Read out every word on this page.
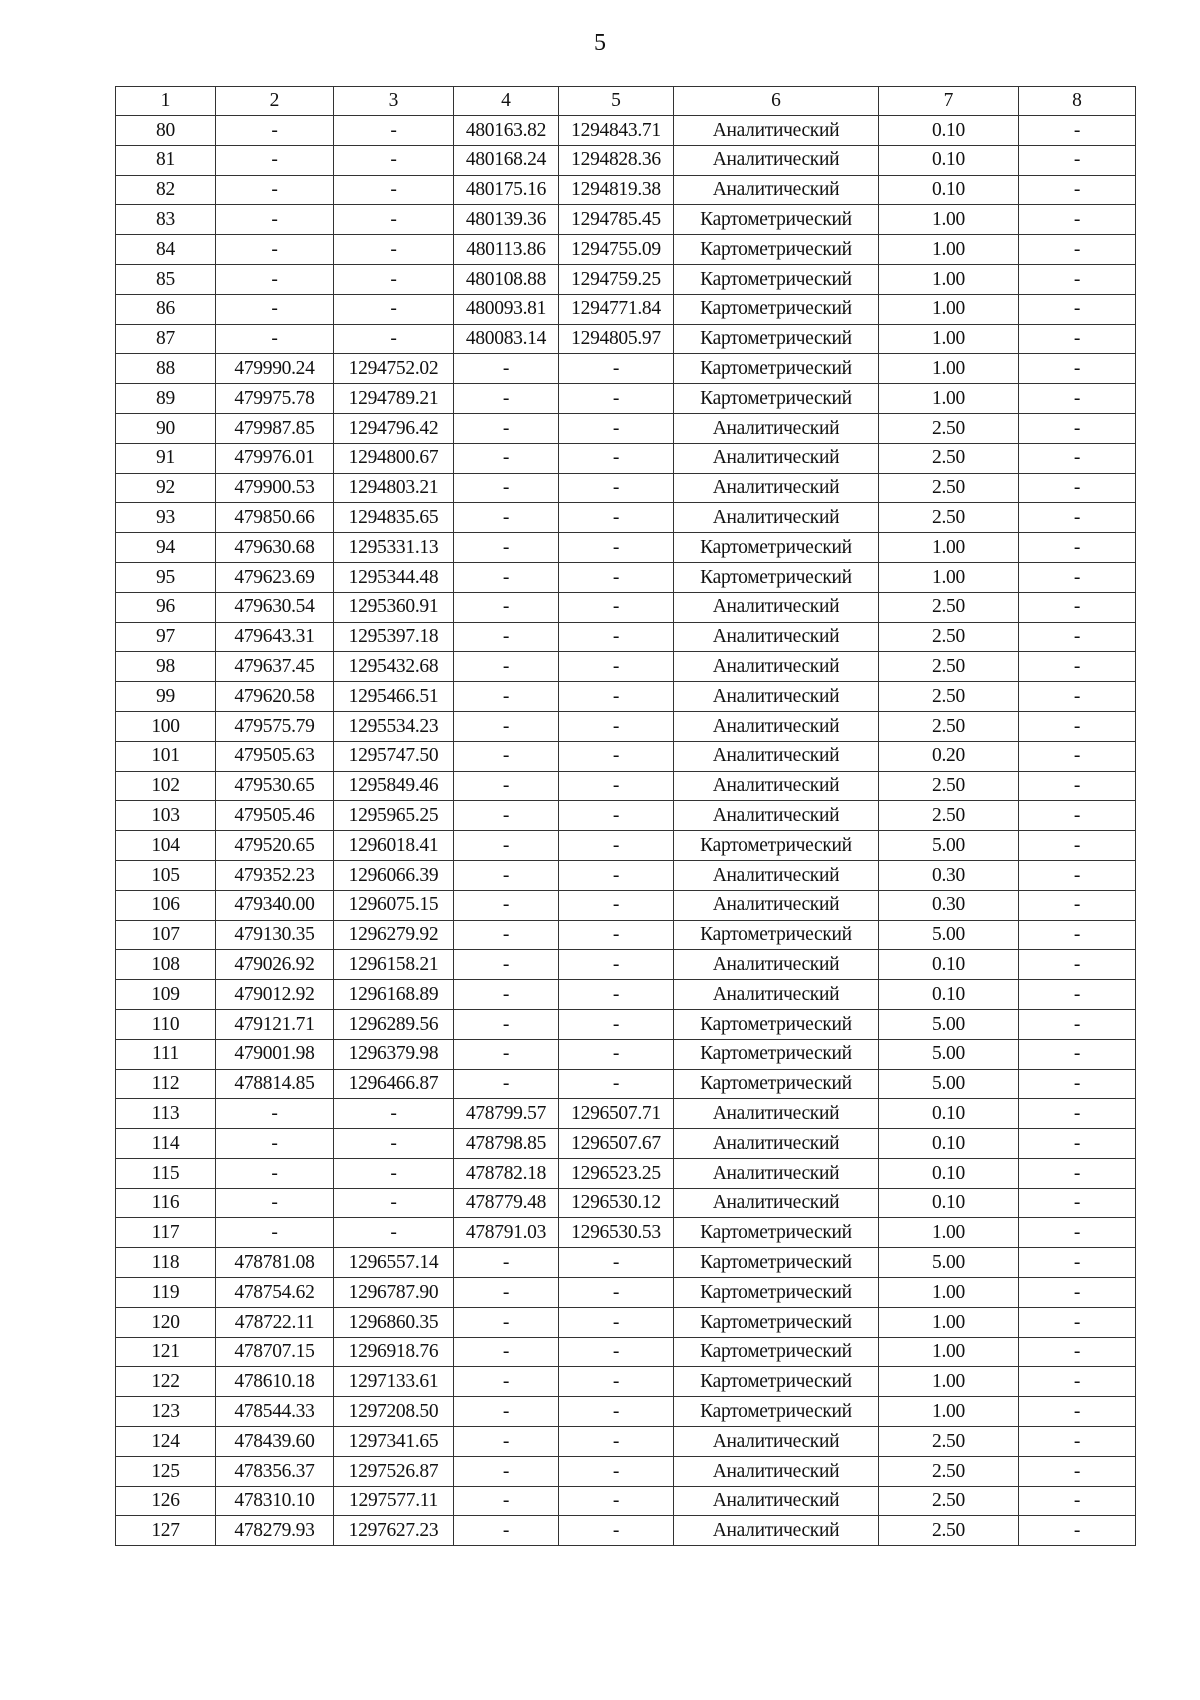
5
1	2	3	4	5	6	7	8
80	-	-	480163.82	1294843.71	Аналитический	0.10	-
81	-	-	480168.24	1294828.36	Аналитический	0.10	-
82	-	-	480175.16	1294819.38	Аналитический	0.10	-
83	-	-	480139.36	1294785.45	Картометрический	1.00	-
84	-	-	480113.86	1294755.09	Картометрический	1.00	-
85	-	-	480108.88	1294759.25	Картометрический	1.00	-
86	-	-	480093.81	1294771.84	Картометрический	1.00	-
87	-	-	480083.14	1294805.97	Картометрический	1.00	-
88	479990.24	1294752.02	-	-	Картометрический	1.00	-
89	479975.78	1294789.21	-	-	Картометрический	1.00	-
90	479987.85	1294796.42	-	-	Аналитический	2.50	-
91	479976.01	1294800.67	-	-	Аналитический	2.50	-
92	479900.53	1294803.21	-	-	Аналитический	2.50	-
93	479850.66	1294835.65	-	-	Аналитический	2.50	-
94	479630.68	1295331.13	-	-	Картометрический	1.00	-
95	479623.69	1295344.48	-	-	Картометрический	1.00	-
96	479630.54	1295360.91	-	-	Аналитический	2.50	-
97	479643.31	1295397.18	-	-	Аналитический	2.50	-
98	479637.45	1295432.68	-	-	Аналитический	2.50	-
99	479620.58	1295466.51	-	-	Аналитический	2.50	-
100	479575.79	1295534.23	-	-	Аналитический	2.50	-
101	479505.63	1295747.50	-	-	Аналитический	0.20	-
102	479530.65	1295849.46	-	-	Аналитический	2.50	-
103	479505.46	1295965.25	-	-	Аналитический	2.50	-
104	479520.65	1296018.41	-	-	Картометрический	5.00	-
105	479352.23	1296066.39	-	-	Аналитический	0.30	-
106	479340.00	1296075.15	-	-	Аналитический	0.30	-
107	479130.35	1296279.92	-	-	Картометрический	5.00	-
108	479026.92	1296158.21	-	-	Аналитический	0.10	-
109	479012.92	1296168.89	-	-	Аналитический	0.10	-
110	479121.71	1296289.56	-	-	Картометрический	5.00	-
111	479001.98	1296379.98	-	-	Картометрический	5.00	-
112	478814.85	1296466.87	-	-	Картометрический	5.00	-
113	-	-	478799.57	1296507.71	Аналитический	0.10	-
114	-	-	478798.85	1296507.67	Аналитический	0.10	-
115	-	-	478782.18	1296523.25	Аналитический	0.10	-
116	-	-	478779.48	1296530.12	Аналитический	0.10	-
117	-	-	478791.03	1296530.53	Картометрический	1.00	-
118	478781.08	1296557.14	-	-	Картометрический	5.00	-
119	478754.62	1296787.90	-	-	Картометрический	1.00	-
120	478722.11	1296860.35	-	-	Картометрический	1.00	-
121	478707.15	1296918.76	-	-	Картометрический	1.00	-
122	478610.18	1297133.61	-	-	Картометрический	1.00	-
123	478544.33	1297208.50	-	-	Картометрический	1.00	-
124	478439.60	1297341.65	-	-	Аналитический	2.50	-
125	478356.37	1297526.87	-	-	Аналитический	2.50	-
126	478310.10	1297577.11	-	-	Аналитический	2.50	-
127	478279.93	1297627.23	-	-	Аналитический	2.50	-
